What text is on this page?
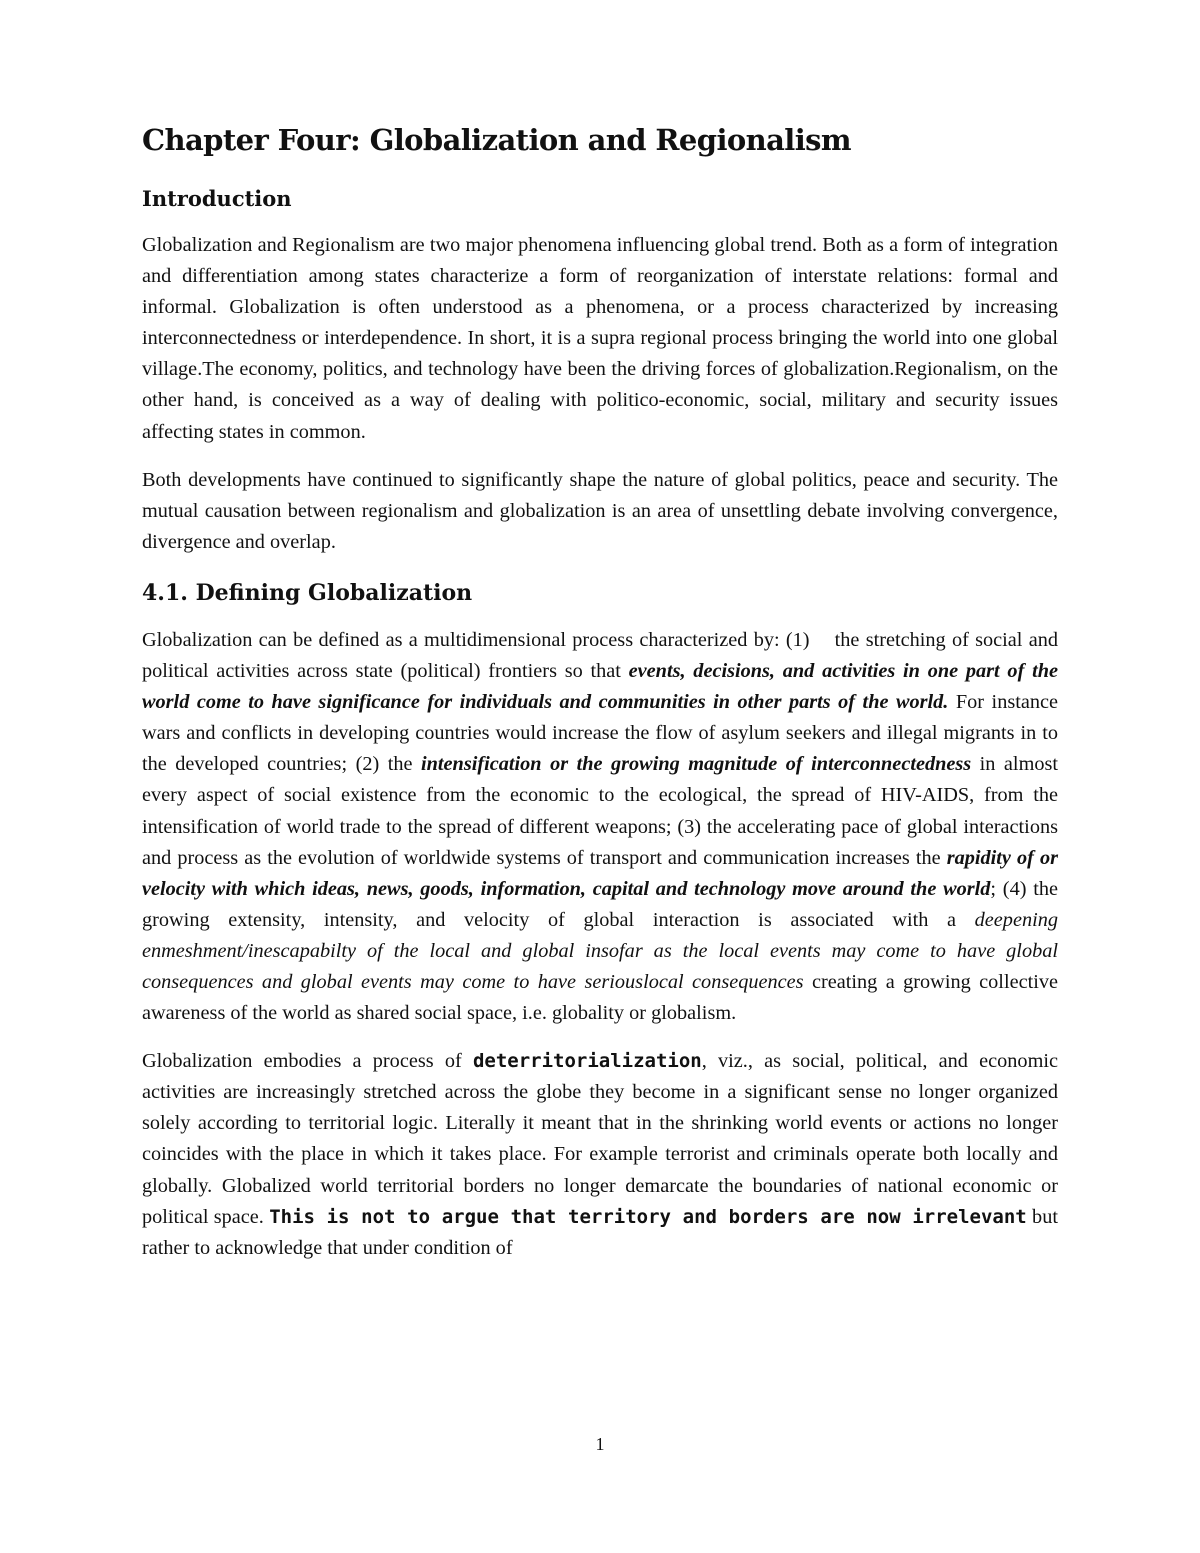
Chapter Four: Globalization and Regionalism
Introduction

Globalization and Regionalism are two major phenomena influencing global trend. Both as a form of integration and differentiation among states characterize a form of reorganization of interstate relations: formal and informal. Globalization is often understood as a phenomena, or a process characterized by increasing interconnectedness or interdependence. In short, it is a supra regional process bringing the world into one global village.The economy, politics, and technology have been the driving forces of globalization.Regionalism, on the other hand, is conceived as a way of dealing with politico-economic, social, military and security issues affecting states in common.

Both developments have continued to significantly shape the nature of global politics, peace and security. The mutual causation between regionalism and globalization is an area of unsettling debate involving convergence, divergence and overlap.

4.1. Defining Globalization

Globalization can be defined as a multidimensional process characterized by: (1)    the stretching of social and political activities across state (political) frontiers so that events, decisions, and activities in one part of the world come to have significance for individuals and communities in other parts of the world. For instance wars and conflicts in developing countries would increase the flow of asylum seekers and illegal migrants in to the developed countries; (2) the intensification or the growing magnitude of interconnectedness in almost every aspect of social existence from the economic to the ecological, the spread of HIV-AIDS, from the intensification of world trade to the spread of different weapons; (3) the accelerating pace of global interactions and process as the evolution of worldwide systems of transport and communication increases the rapidity of or velocity with which ideas, news, goods, information, capital and technology move around the world; (4) the growing extensity, intensity, and velocity of global interaction is associated with a deepening enmeshment/inescapabilty of the local and global insofar as the local events may come to have global consequences and global events may come to have seriouslocal consequences creating a growing collective awareness of the world as shared social space, i.e. globality or globalism.

Globalization embodies a process of deterritorialization, viz., as social, political, and economic activities are increasingly stretched across the globe they become in a significant sense no longer organized solely according to territorial logic. Literally it meant that in the shrinking world events or actions no longer coincides with the place in which it takes place. For example terrorist and criminals operate both locally and globally. Globalized world territorial borders no longer demarcate the boundaries of national economic or political space. This is not to argue that territory and borders are now irrelevant but rather to acknowledge that under condition of

1
